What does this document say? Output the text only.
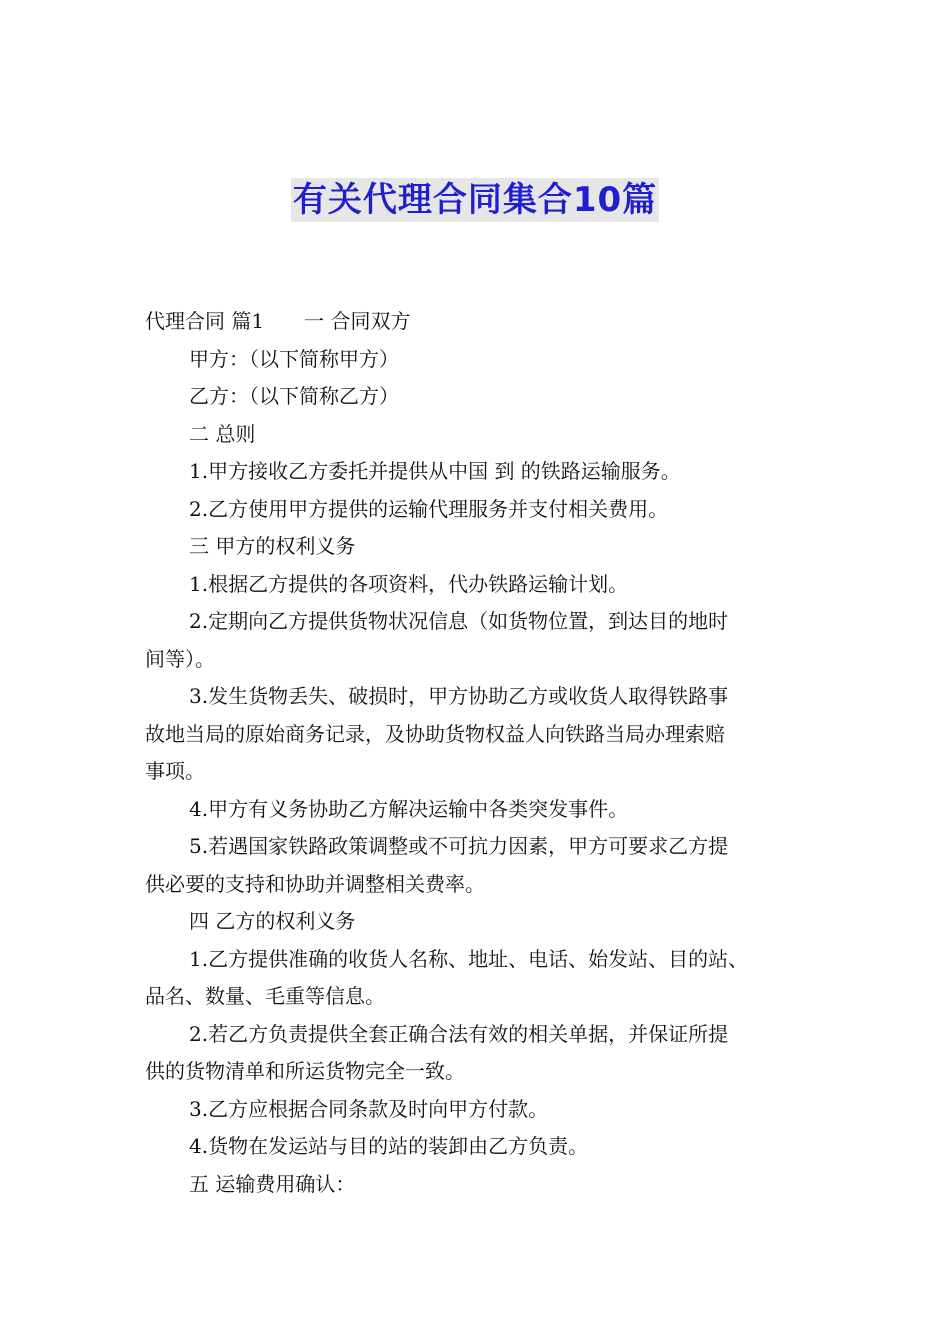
有关代理合同集合10篇
代理合同 篇1 一 合同双方
甲方：（以下简称甲方）
乙方：（以下简称乙方）
二 总则
1.甲方接收乙方委托并提供从中国 到 的铁路运输服务。
2.乙方使用甲方提供的运输代理服务并支付相关费用。
三 甲方的权利义务
1.根据乙方提供的各项资料，代办铁路运输计划。
2.定期向乙方提供货物状况信息（如货物位置，到达目的地时
间等）。
3.发生货物丢失、破损时，甲方协助乙方或收货人取得铁路事
故地当局的原始商务记录，及协助货物权益人向铁路当局办理索赔
事项。
4.甲方有义务协助乙方解决运输中各类突发事件。
5.若遇国家铁路政策调整或不可抗力因素，甲方可要求乙方提
供必要的支持和协助并调整相关费率。
四 乙方的权利义务
1.乙方提供准确的收货人名称、地址、电话、始发站、目的站、
品名、数量、毛重等信息。
2.若乙方负责提供全套正确合法有效的相关单据，并保证所提
供的货物清单和所运货物完全一致。
3.乙方应根据合同条款及时向甲方付款。
4.货物在发运站与目的站的装卸由乙方负责。
五 运输费用确认：
